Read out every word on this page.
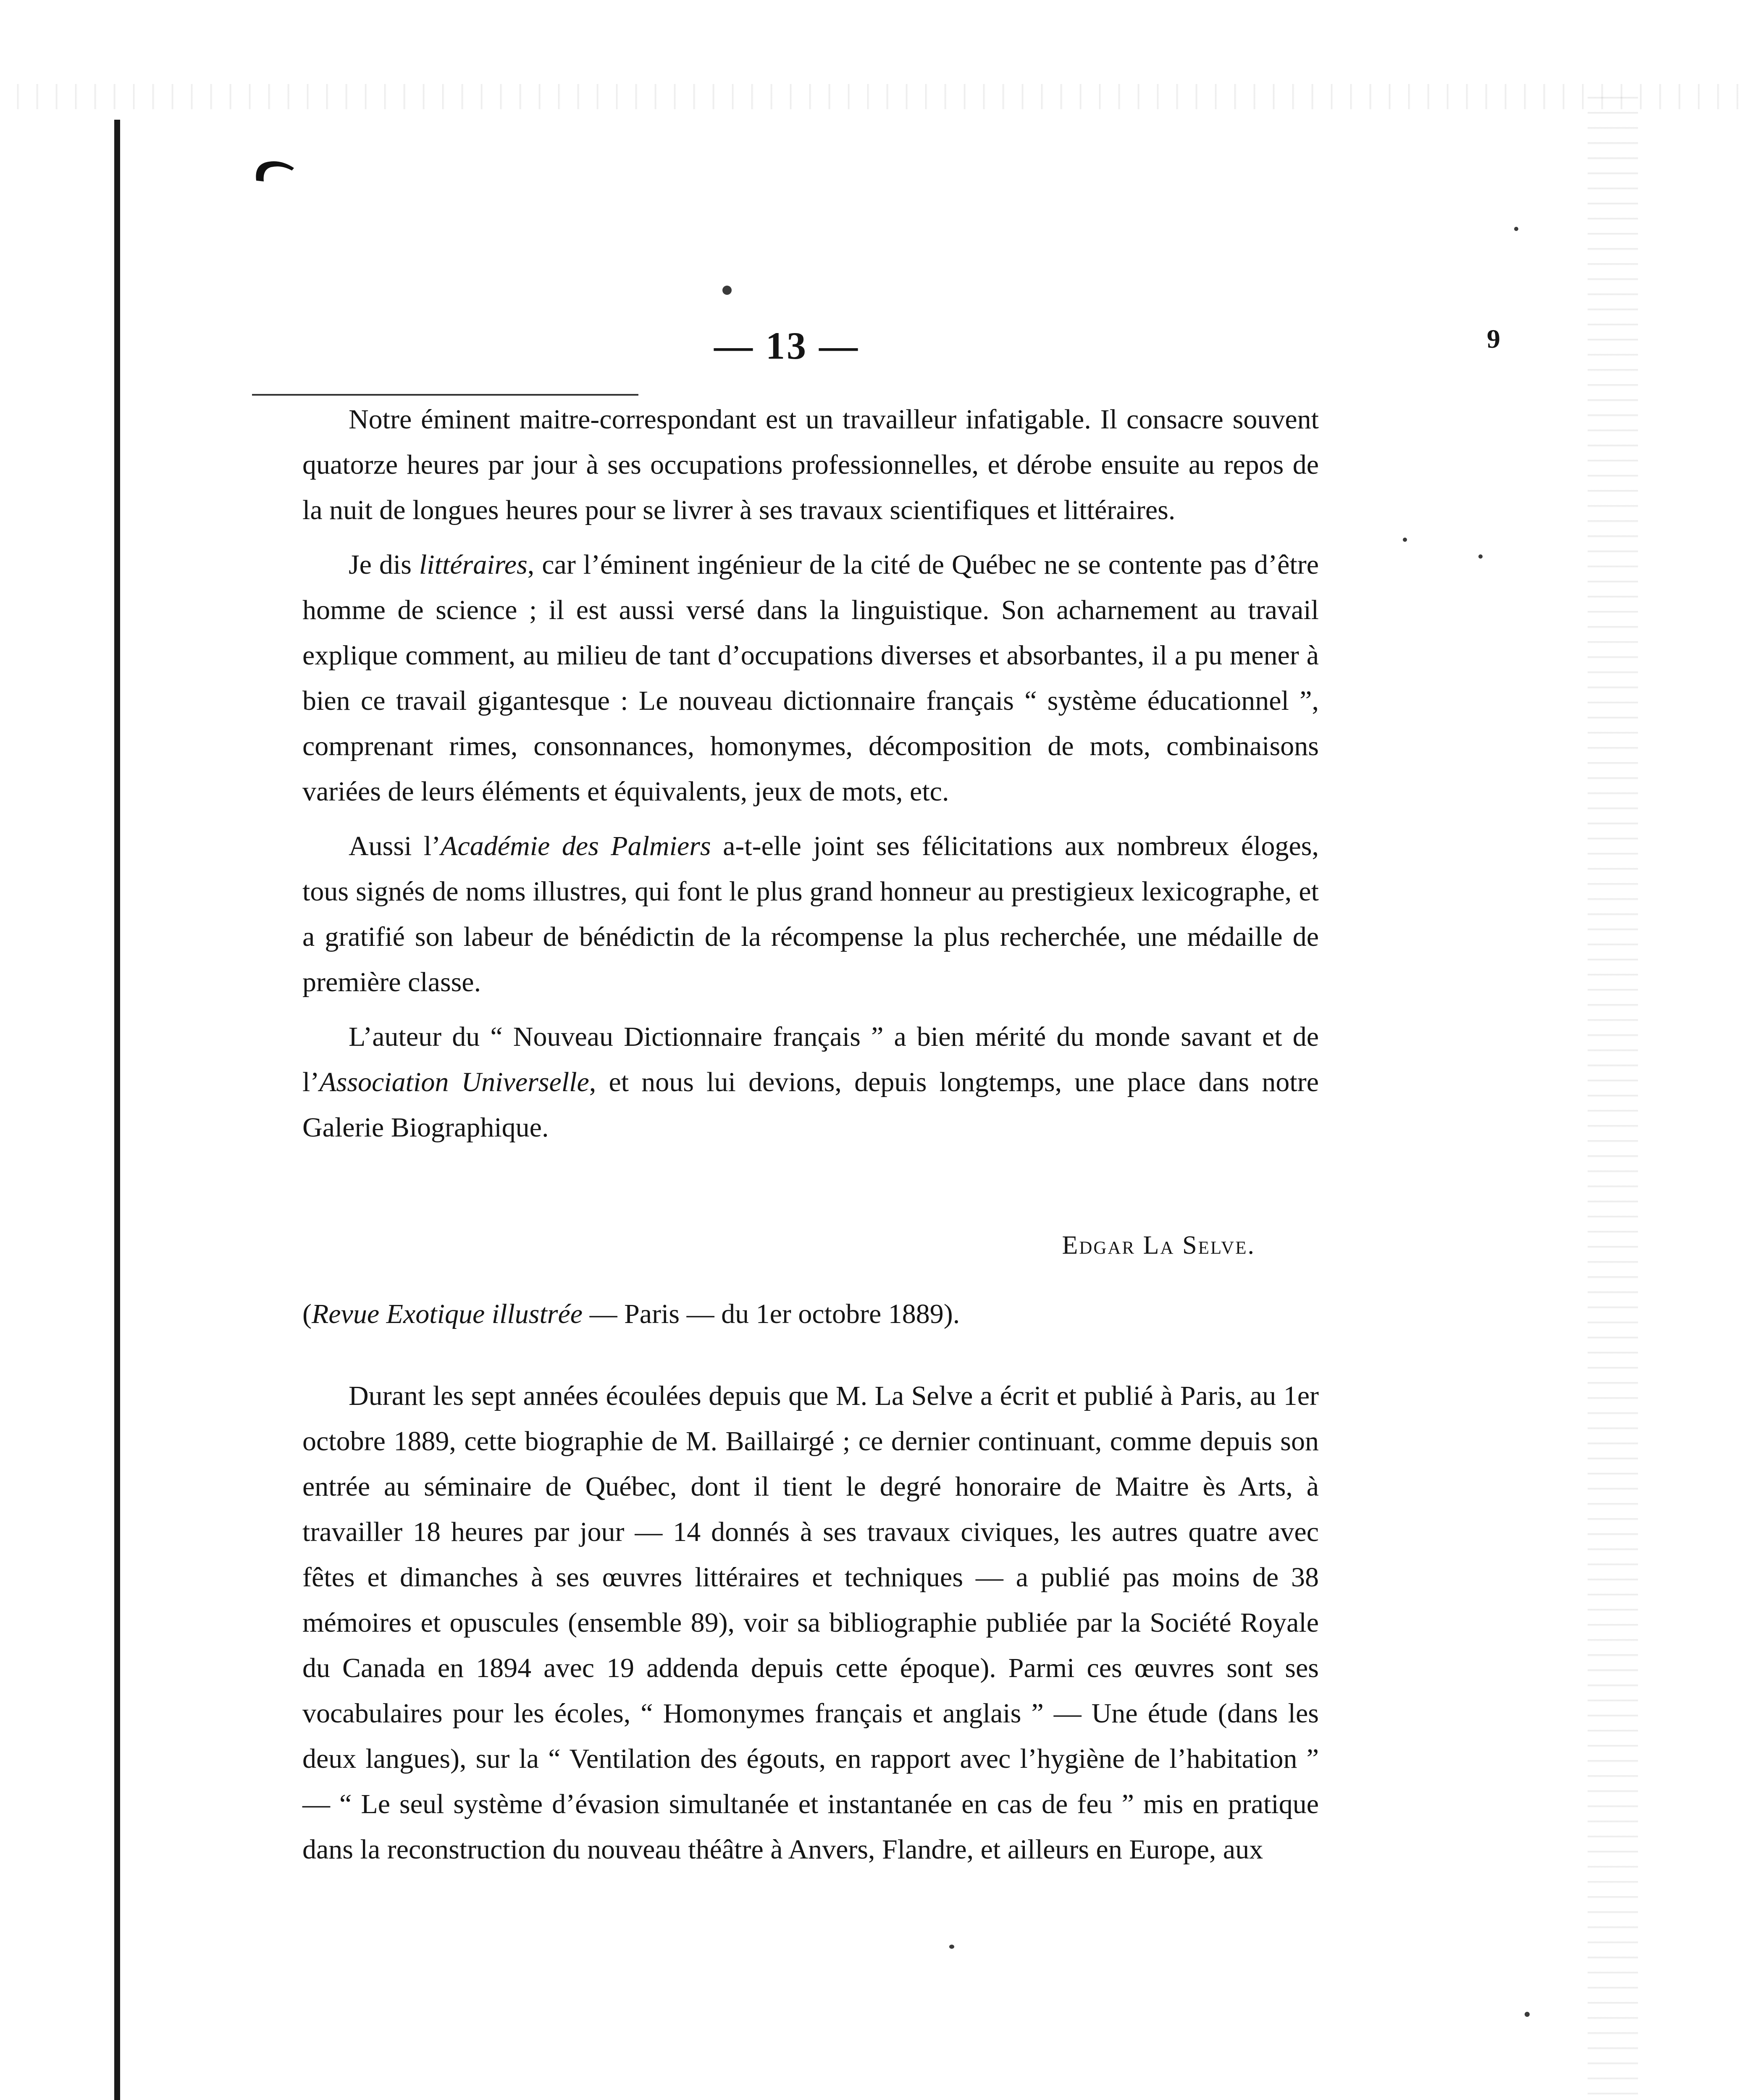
— 13 —	9

Notre éminent maitre-correspondant est un travailleur infatigable. Il consacre souvent quatorze heures par jour à ses occupations professionnelles, et dérobe ensuite au repos de la nuit de longues heures pour se livrer à ses travaux scientifiques et littéraires.

Je dis littéraires, car l’éminent ingénieur de la cité de Québec ne se contente pas d’être homme de science ; il est aussi versé dans la linguistique. Son acharnement au travail explique comment, au milieu de tant d’occupations diverses et absorbantes, il a pu mener à bien ce travail gigantesque : Le nouveau dictionnaire français “ système éducationnel ”, comprenant rimes, consonnances, homonymes, décomposition de mots, combinaisons variées de leurs éléments et équivalents, jeux de mots, etc.

Aussi l’Académie des Palmiers a-t-elle joint ses félicitations aux nombreux éloges, tous signés de noms illustres, qui font le plus grand honneur au prestigieux lexicographe, et a gratifié son labeur de bénédictin de la récompense la plus recherchée, une médaille de première classe.

L’auteur du “ Nouveau Dictionnaire français ” a bien mérité du monde savant et de l’Association Universelle, et nous lui devions, depuis longtemps, une place dans notre Galerie Biographique.

Edgar La Selve.
(Revue Exotique illustrée — Paris — du 1er octobre 1889).

Durant les sept années écoulées depuis que M. La Selve a écrit et publié à Paris, au 1er octobre 1889, cette biographie de M. Baillairgé ; ce dernier continuant, comme depuis son entrée au séminaire de Québec, dont il tient le degré honoraire de Maitre ès Arts, à travailler 18 heures par jour — 14 donnés à ses travaux civiques, les autres quatre avec fêtes et dimanches à ses œuvres littéraires et techniques — a publié pas moins de 38 mémoires et opuscules (ensemble 89), voir sa bibliographie publiée par la Société Royale du Canada en 1894 avec 19 addenda depuis cette époque). Parmi ces œuvres sont ses vocabulaires pour les écoles, “ Homonymes français et anglais ” — Une étude (dans les deux langues), sur la “ Ventilation des égouts, en rapport avec l’hygiène de l’habitation ” — “ Le seul système d’évasion simultanée et instantanée en cas de feu ” mis en pratique dans la reconstruction du nouveau théâtre à Anvers, Flandre, et ailleurs en Europe, aux
